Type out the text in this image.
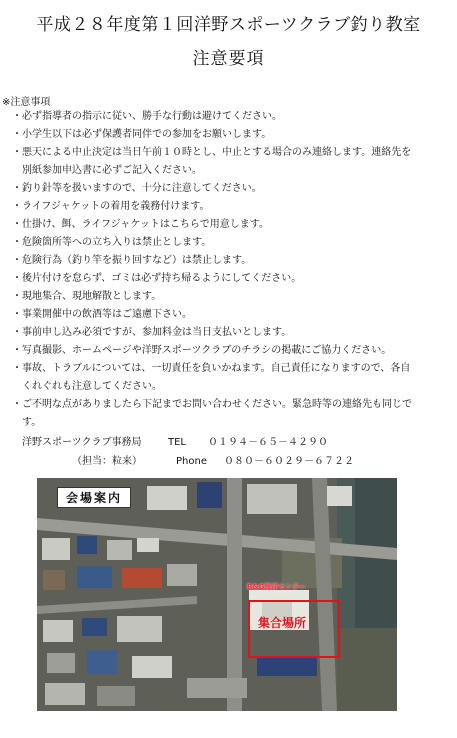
平成２８年度第１回洋野スポーツクラブ釣り教室
注意要項
※注意事項
・必ず指導者の指示に従い、勝手な行動は避けてください。
・小学生以下は必ず保護者同伴での参加をお願いします。
・悪天による中止決定は当日午前１０時とし、中止とする場合のみ連絡します。連絡先を
別紙参加申込書に必ずご記入ください。
・釣り針等を扱いますので、十分に注意してください。
・ライフジャケットの着用を義務付けます。
・仕掛け、餌、ライフジャケットはこちらで用意します。
・危険箇所等への立ち入りは禁止とします。
・危険行為（釣り竿を振り回すなど）は禁止します。
・後片付けを怠らず、ゴミは必ず持ち帰るようにしてください。
・現地集合、現地解散とします。
・事業開催中の飲酒等はご遠慮下さい。
・事前申し込み必須ですが、参加料金は当日支払いとします。
・写真撮影、ホームページや洋野スポーツクラブのチラシの掲載にご協力ください。
・事故、トラブルについては、一切責任を負いかねます。自己責任になりますので、各自
くれぐれも注意してください。
・ご不明な点がありましたら下記までお問い合わせください。緊急時等の連絡先も同じで
す。
洋野スポーツクラブ事務局	TEL ０１９４－６５－４２９０
（担当：粒来）	Phone ０８０－６０２９－６７２２
会場案内
B&G海洋センター
集合場所
